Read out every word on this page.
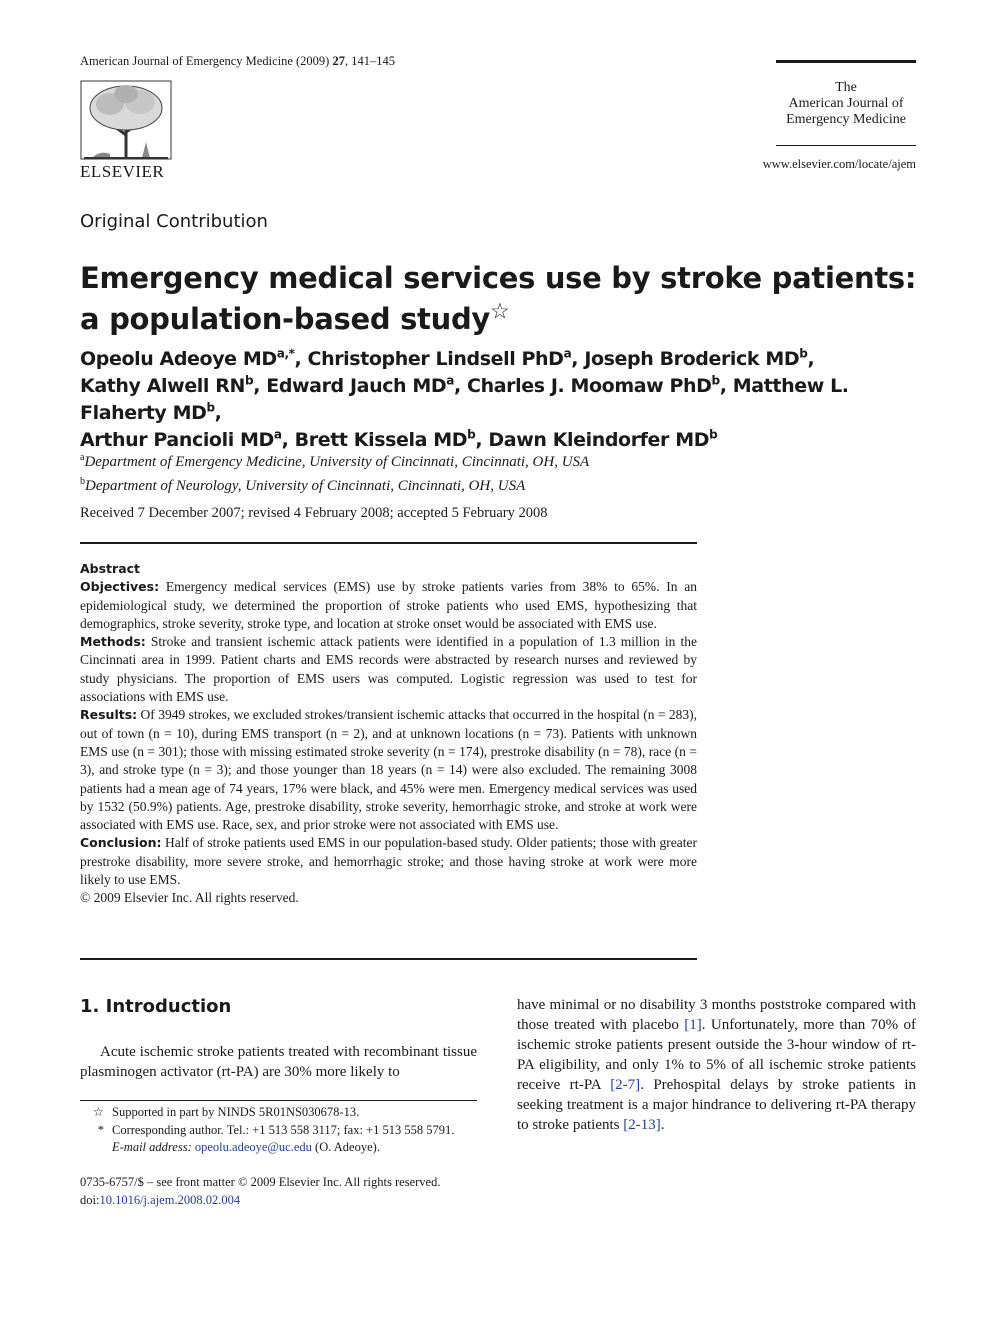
American Journal of Emergency Medicine (2009) 27, 141–145
ELSEVIER
The
American Journal of
Emergency Medicine
www.elsevier.com/locate/ajem
Original Contribution
Emergency medical services use by stroke patients:
a population-based study☆
Opeolu Adeoye $MD^{a,*}$, Christopher Lindsell PhD$^a$, Joseph Broderick $MD^b$,
Kathy Alwell $RN^b$, Edward Jauch $MD^a$, Charles J. Moomaw PhD$^b$, Matthew L. Flaherty $MD^b$,
Arthur Pancioli $MD^a$, Brett Kissela $MD^b$, Dawn Kleindorfer $MD^b$
$^a$Department of Emergency Medicine, University of Cincinnati, Cincinnati, OH, USA
$^b$Department of Neurology, University of Cincinnati, Cincinnati, OH, USA
Received 7 December 2007; revised 4 February 2008; accepted 5 February 2008

Abstract

Objectives: Emergency medical services (EMS) use by stroke patients varies from 38% to 65%. In an epidemiological study, we determined the proportion of stroke patients who used EMS, hypothesizing that demographics, stroke severity, stroke type, and location at stroke onset would be associated with EMS use.

Methods: Stroke and transient ischemic attack patients were identified in a population of 1.3 million in the Cincinnati area in 1999. Patient charts and EMS records were abstracted by research nurses and reviewed by study physicians. The proportion of EMS users was computed. Logistic regression was used to test for associations with EMS use.

Results: Of 3949 strokes, we excluded strokes/transient ischemic attacks that occurred in the hospital (n = 283), out of town (n = 10), during EMS transport (n = 2), and at unknown locations (n = 73). Patients with unknown EMS use (n = 301); those with missing estimated stroke severity (n = 174), prestroke disability (n = 78), race (n = 3), and stroke type (n = 3); and those younger than 18 years (n = 14) were also excluded. The remaining 3008 patients had a mean age of 74 years, 17% were black, and 45% were men. Emergency medical services was used by 1532 (50.9%) patients. Age, prestroke disability, stroke severity, hemorrhagic stroke, and stroke at work were associated with EMS use. Race, sex, and prior stroke were not associated with EMS use.

Conclusion: Half of stroke patients used EMS in our population-based study. Older patients; those with greater prestroke disability, more severe stroke, and hemorrhagic stroke; and those having stroke at work were more likely to use EMS.

© 2009 Elsevier Inc. All rights reserved.

1. Introduction

Acute ischemic stroke patients treated with recombinant tissue plasminogen activator (rt-PA) are 30% more likely to

have minimal or no disability 3 months poststroke compared with those treated with placebo [1]. Unfortunately, more than 70% of ischemic stroke patients present outside the 3-hour window of rt-PA eligibility, and only 1% to 5% of all ischemic stroke patients receive rt-PA [2-7]. Prehospital delays by stroke patients in seeking treatment is a major hindrance to delivering rt-PA therapy to stroke patients [2-13].

☆ Supported in part by NINDS 5R01NS030678-13.
* Corresponding author. Tel.: +1 513 558 3117; fax: +1 513 558 5791.
E-mail address: opeolu.adeoye@uc.edu (O. Adeoye).
0735-6757/$ – see front matter © 2009 Elsevier Inc. All rights reserved.
doi:10.1016/j.ajem.2008.02.004
